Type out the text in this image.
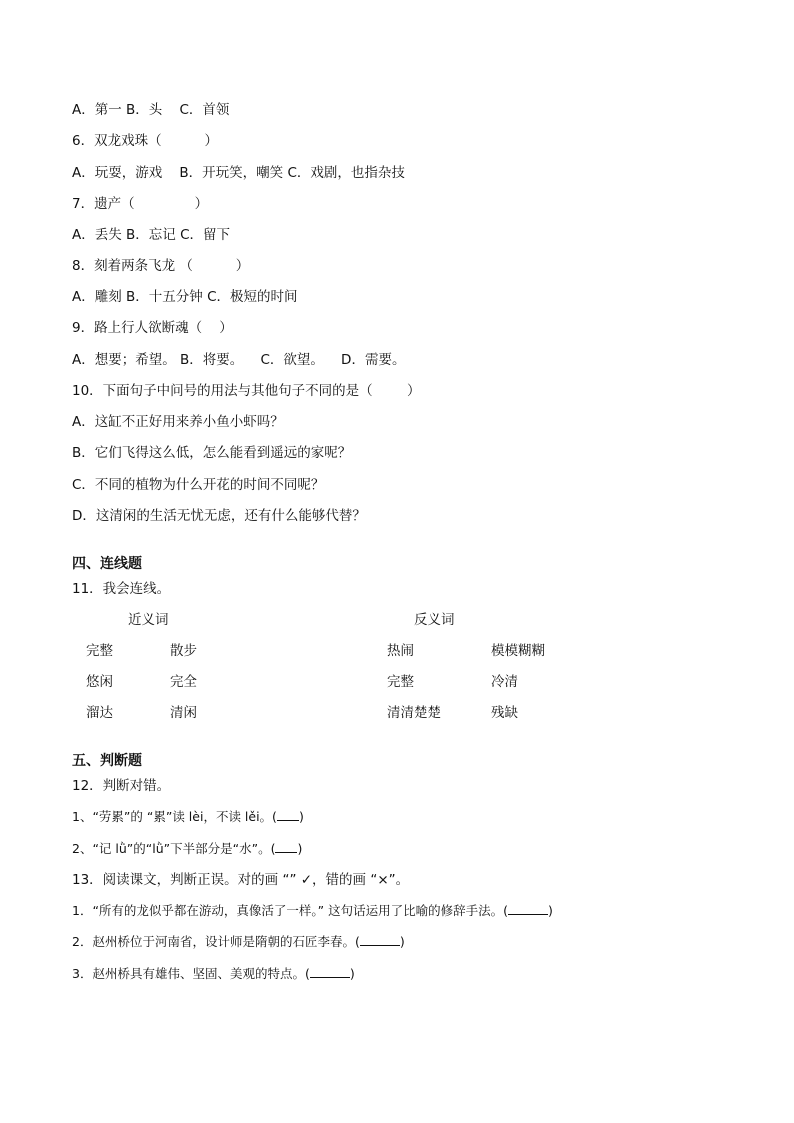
A．第一 B．头    C．首领
6．双龙戏珠（          ）
A．玩耍，游戏    B．开玩笑，嘲笑 C．戏剧，也指杂技
7．遗产（              ）
A．丢失 B．忘记 C．留下
8．刻着两条飞龙 （          ）
A．雕刻 B．十五分钟 C．极短的时间
9．路上行人欲断魂（    ）
A．想要；希望。 B．将要。    C．欲望。    D．需要。
10．下面句子中问号的用法与其他句子不同的是（        ）
A．这缸不正好用来养小鱼小虾吗？
B．它们飞得这么低，怎么能看到遥远的家呢？
C．不同的植物为什么开花的时间不同呢？
D．这清闲的生活无忧无虑，还有什么能够代替？
四、连线题
11．我会连线。
近义词	反义词
完整	散步	热闹	模模糊糊
悠闲	完全	完整	冷清
溜达	清闲	清清楚楚	残缺
五、判断题
12．判断对错。
1、“劳累”的 “累”读 lèi，不读 lěi。( )
2、“记 lǜ”的“lǜ”下半部分是“水”。( )
13．阅读课文，判断正误。对的画 “” ✓，错的画 “×”。
1．“所有的龙似乎都在游动，真像活了一样。” 这句话运用了比喻的修辞手法。(	)
2．赵州桥位于河南省，设计师是隋朝的石匠李春。(	)
3．赵州桥具有雄伟、坚固、美观的特点。(	)
